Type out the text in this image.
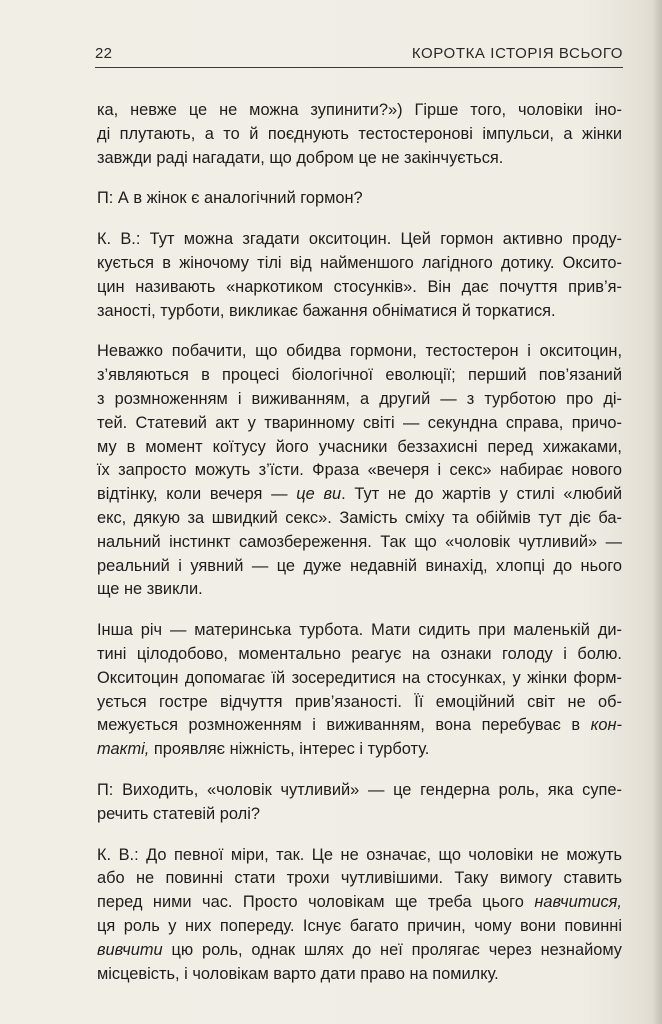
22	КОРОТКА ІСТОРІЯ ВСЬОГО

ка, невже це не можна зупинити?») Гірше того, чоловіки іно-
ді плутають, а то й поєднують тестостеронові імпульси, а жінки
завжди раді нагадати, що добром це не закінчується.

П: А в жінок є аналогічний гормон?

К. В.: Тут можна згадати окситоцин. Цей гормон активно проду-
кується в жіночому тілі від найменшого лагідного дотику. Оксито-
цин називають «наркотиком стосунків». Він дає почуття прив’я-
заності, турботи, викликає бажання обніматися й торкатися.

Неважко побачити, що обидва гормони, тестостерон і окситоцин,
з’являються в процесі біологічної еволюції; перший пов’язаний
з розмноженням і виживанням, а другий — з турботою про ді-
тей. Статевий акт у тваринному світі — секундна справа, причо-
му в момент коїтусу його учасники беззахисні перед хижаками,
їх запросто можуть з’їсти. Фраза «вечеря і секс» набирає нового
відтінку, коли вечеря — це ви. Тут не до жартів у стилі «любий
екс, дякую за швидкий секс». Замість сміху та обіймів тут діє ба-
нальний інстинкт самозбереження. Так що «чоловік чутливий» —
реальний і уявний — це дуже недавній винахід, хлопці до нього
ще не звикли.

Інша річ — материнська турбота. Мати сидить при маленькій ди-
тині цілодобово, моментально реагує на ознаки голоду і болю.
Окситоцин допомагає їй зосередитися на стосунках, у жінки форм-
ується гостре відчуття прив’язаності. Її емоційний світ не об-
межується розмноженням і виживанням, вона перебуває в кон-
такті, проявляє ніжність, інтерес і турботу.

П: Виходить, «чоловік чутливий» — це гендерна роль, яка супе-
речить статевій ролі?

К. В.: До певної міри, так. Це не означає, що чоловіки не можуть
або не повинні стати трохи чутливішими. Таку вимогу ставить
перед ними час. Просто чоловікам ще треба цього навчитися,
ця роль у них попереду. Існує багато причин, чому вони повинні
вивчити цю роль, однак шлях до неї пролягає через незнайому
місцевість, і чоловікам варто дати право на помилку.
